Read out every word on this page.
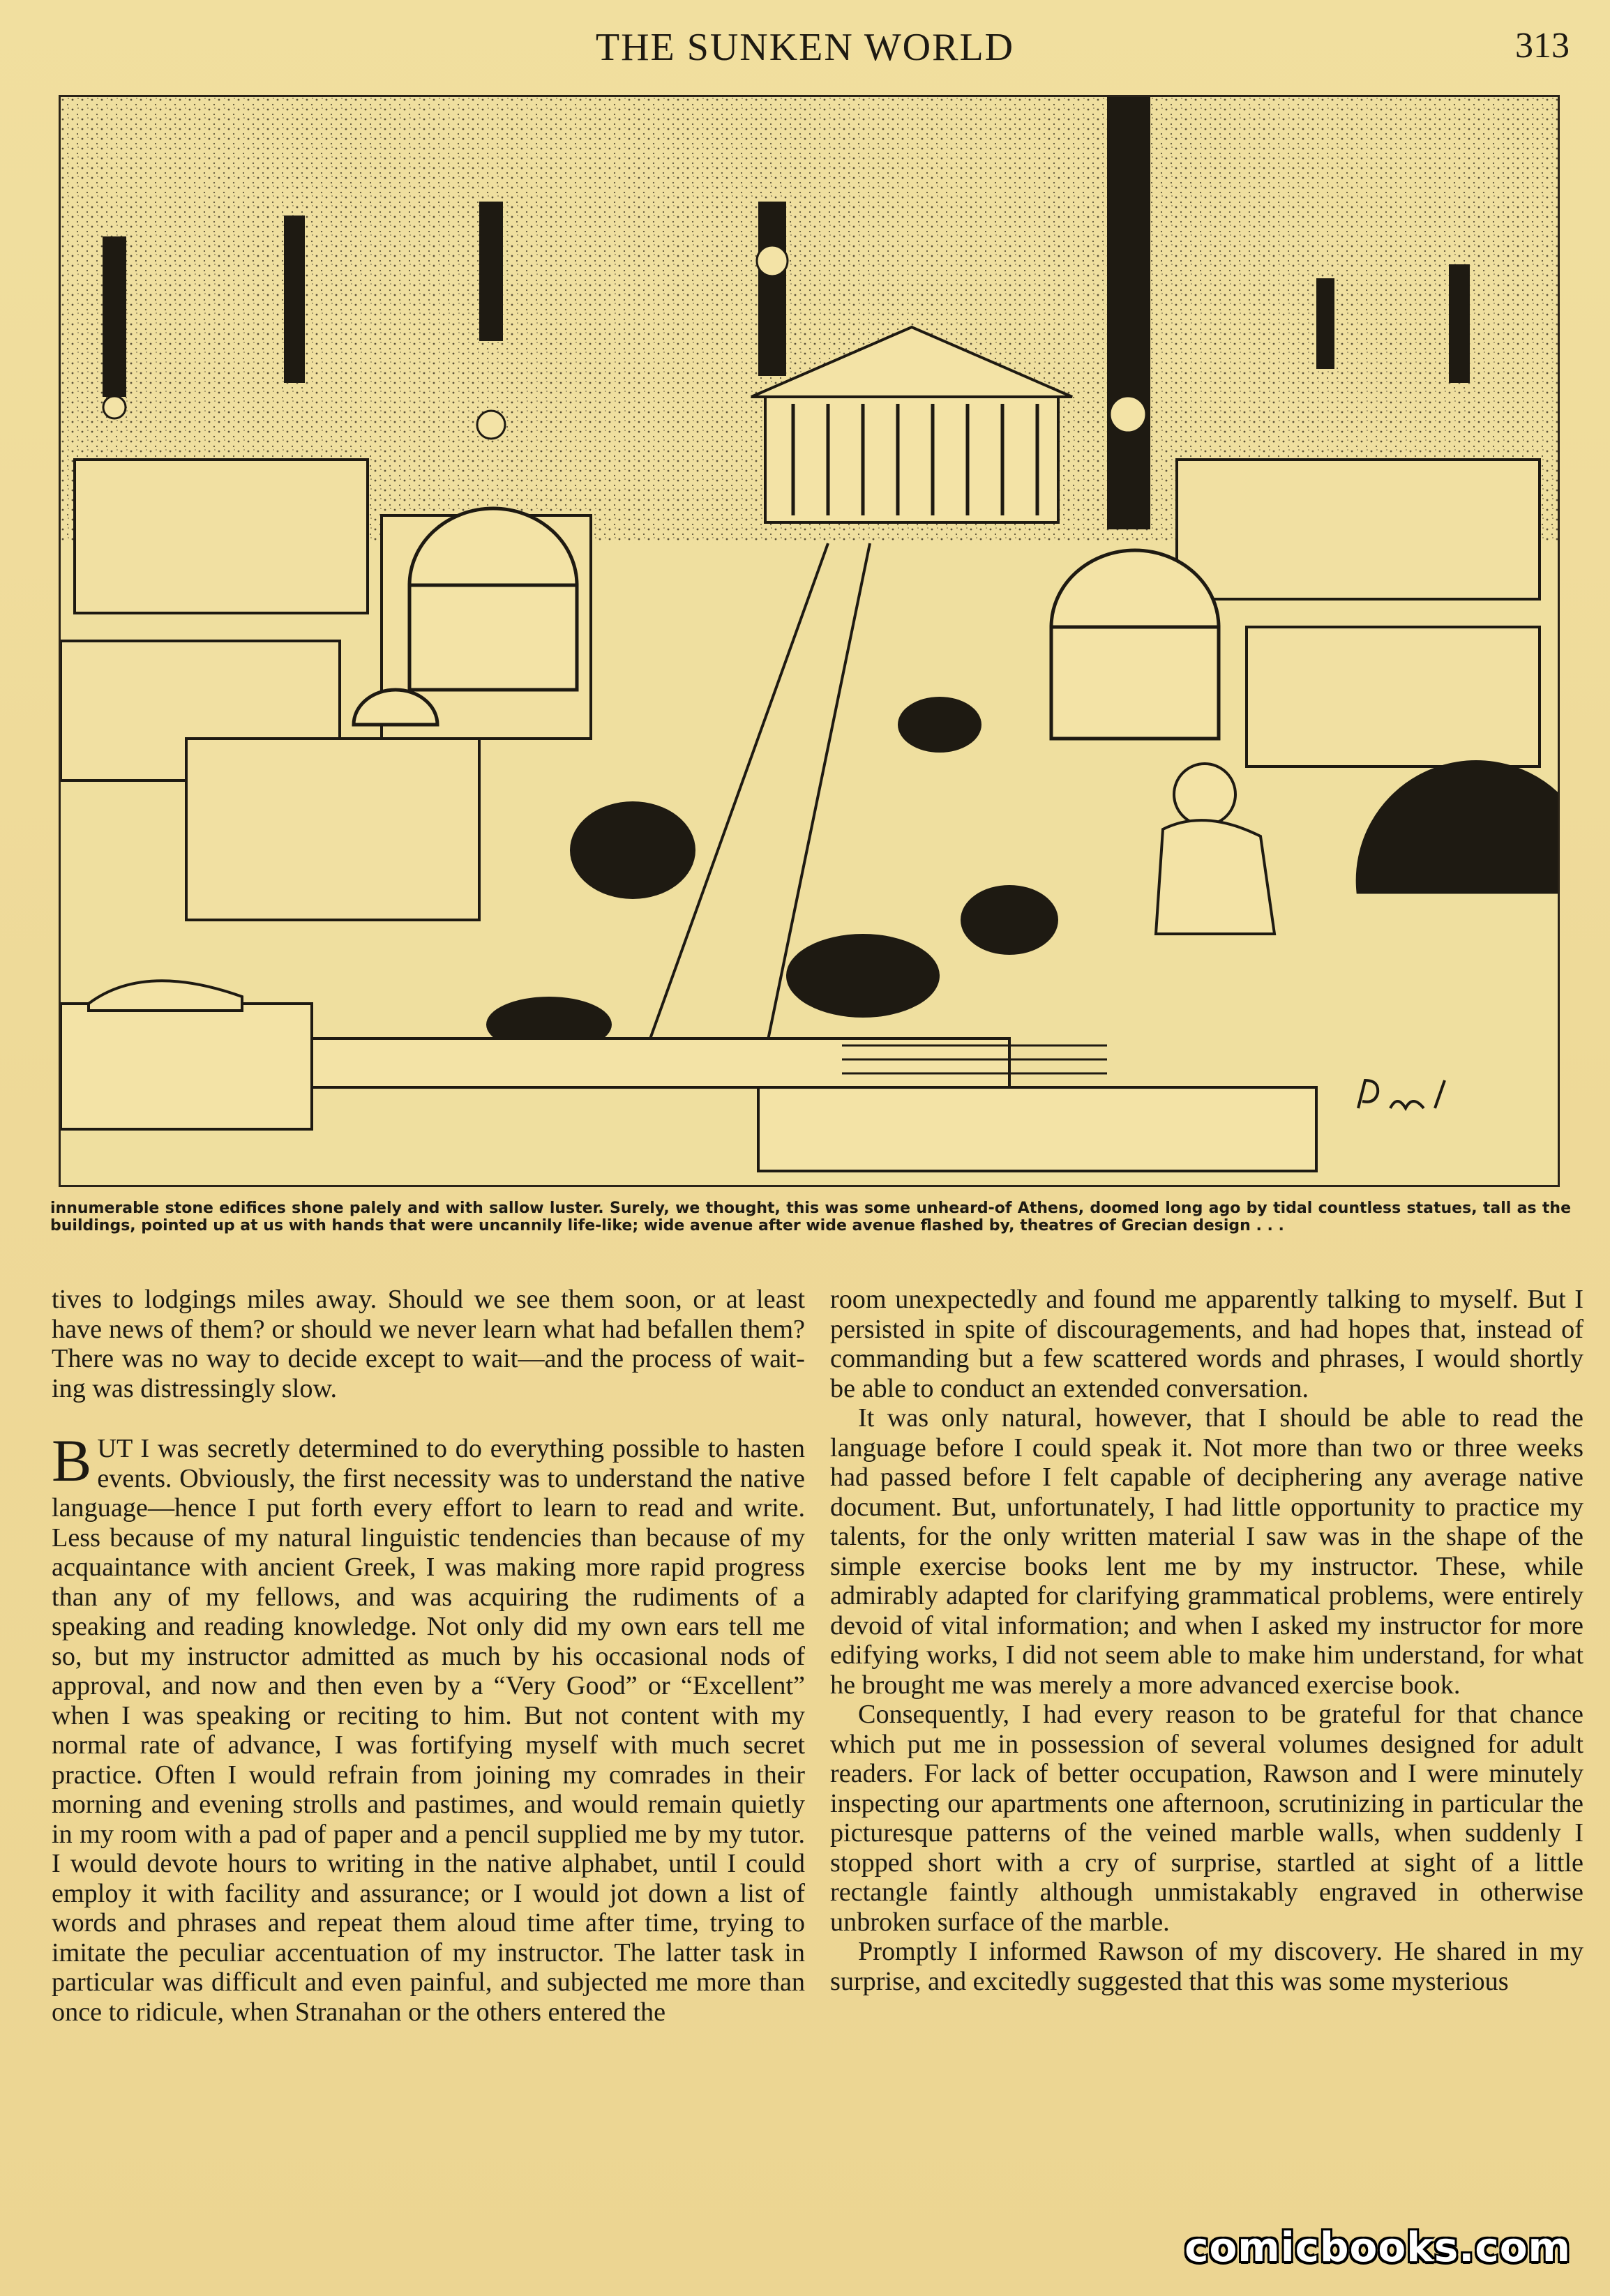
THE SUNKEN WORLD	313
innumerable stone edifices shone palely and with sallow luster. Surely, we thought, this was some unheard-of Athens, doomed long ago by tidal countless statues, tall as the buildings, pointed up at us with hands that were uncannily life-like; wide avenue after wide avenue flashed by, theatres of Grecian design . . .

tives to lodgings miles away. Should we see them soon, or at least have news of them? or should we never learn what had befallen them? There was no way to decide except to wait—and the process of waiting was distressingly slow.

BUT I was secretly determined to do everything possible to hasten events. Obviously, the first necessity was to understand the native language—hence I put forth every effort to learn to read and write. Less because of my natural linguistic tendencies than because of my acquaintance with ancient Greek, I was making more rapid progress than any of my fellows, and was acquiring the rudiments of a speaking and reading knowledge. Not only did my own ears tell me so, but my instructor admitted as much by his occasional nods of approval, and now and then even by a “Very Good” or “Excellent” when I was speaking or reciting to him. But not content with my normal rate of advance, I was fortifying myself with much secret practice. Often I would refrain from joining my comrades in their morning and evening strolls and pastimes, and would remain quietly in my room with a pad of paper and a pencil supplied me by my tutor. I would devote hours to writing in the native alphabet, until I could employ it with facility and assurance; or I would jot down a list of words and phrases and repeat them aloud time after time, trying to imitate the peculiar accentuation of my instructor. The latter task in particular was difficult and even painful, and subjected me more than once to ridicule, when Stranahan or the others entered the

room unexpectedly and found me apparently talking to myself. But I persisted in spite of discouragements, and had hopes that, instead of commanding but a few scattered words and phrases, I would shortly be able to conduct an extended conversation.

It was only natural, however, that I should be able to read the language before I could speak it. Not more than two or three weeks had passed before I felt capable of deciphering any average native document. But, unfortunately, I had little opportunity to practice my talents, for the only written material I saw was in the shape of the simple exercise books lent me by my instructor. These, while admirably adapted for clarifying grammatical problems, were entirely devoid of vital information; and when I asked my instructor for more edifying works, I did not seem able to make him understand, for what he brought me was merely a more advanced exercise book.

Consequently, I had every reason to be grateful for that chance which put me in possession of several volumes designed for adult readers. For lack of better occupation, Rawson and I were minutely inspecting our apartments one afternoon, scrutinizing in particular the picturesque patterns of the veined marble walls, when suddenly I stopped short with a cry of surprise, startled at sight of a little rectangle faintly although unmistakably engraved in otherwise unbroken surface of the marble.

Promptly I informed Rawson of my discovery. He shared in my surprise, and excitedly suggested that this was some mysterious

comicbooks.com
